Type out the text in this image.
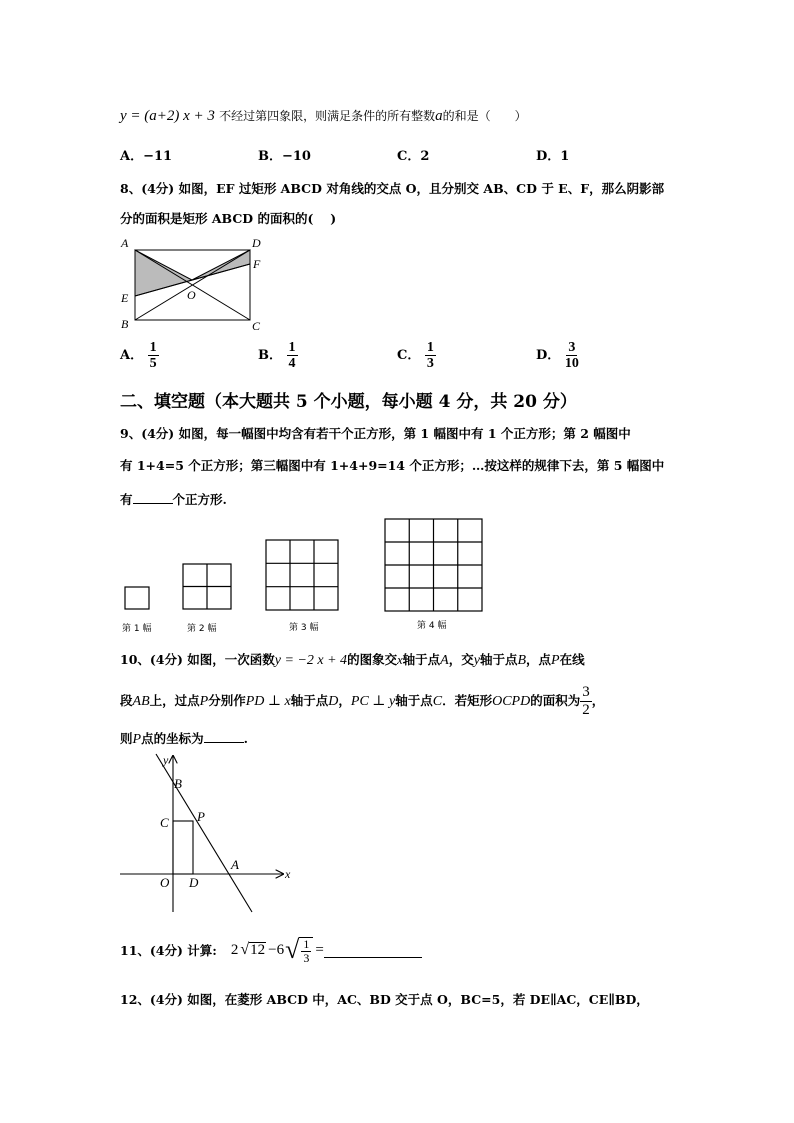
y = (a+2) x + 3 不经过第四象限，则满足条件的所有整数a的和是（　　）
A．−11	B．−10	C．2	D．1
8、(4分) 如图，EF 过矩形 ABCD 对角线的交点 O，且分别交 AB、CD 于 E、F，那么阴影部
分的面积是矩形 ABCD 的面积的(　 )
A	D
F
O
E
B	C
A． $\frac{1}{5}$	B． $\frac{1}{4}$	C． $\frac{1}{3}$	D． $\frac{3}{10}$
二、填空题（本大题共 5 个小题，每小题 4 分，共 20 分）
9、(4分) 如图，每一幅图中均含有若干个正方形，第 1 幅图中有 1 个正方形；第 2 幅图中
有 1+4=5 个正方形；第三幅图中有 1+4+9=14 个正方形；…按这样的规律下去，第 5 幅图中
有	个正方形.
第 1 幅	第 2 幅	第 3 幅	第 4 幅
10、(4分) 如图，一次函数y = −2 x + 4的图象交x轴于点A，交y轴于点B，点P在线
段AB上，过点P分别作PD ⊥ x轴于点D，PC ⊥ y轴于点C．若矩形OCPD的面积为 $\frac{3}{2}$ ，
则P点的坐标为	.
y
B
C P
A
O D
x
11、(4分) 计算: 2 √ 12 −6 √ $\frac{1}{3}$ =
12、(4分) 如图，在菱形 ABCD 中，AC、BD 交于点 O，BC=5，若 DE∥AC，CE∥BD，
